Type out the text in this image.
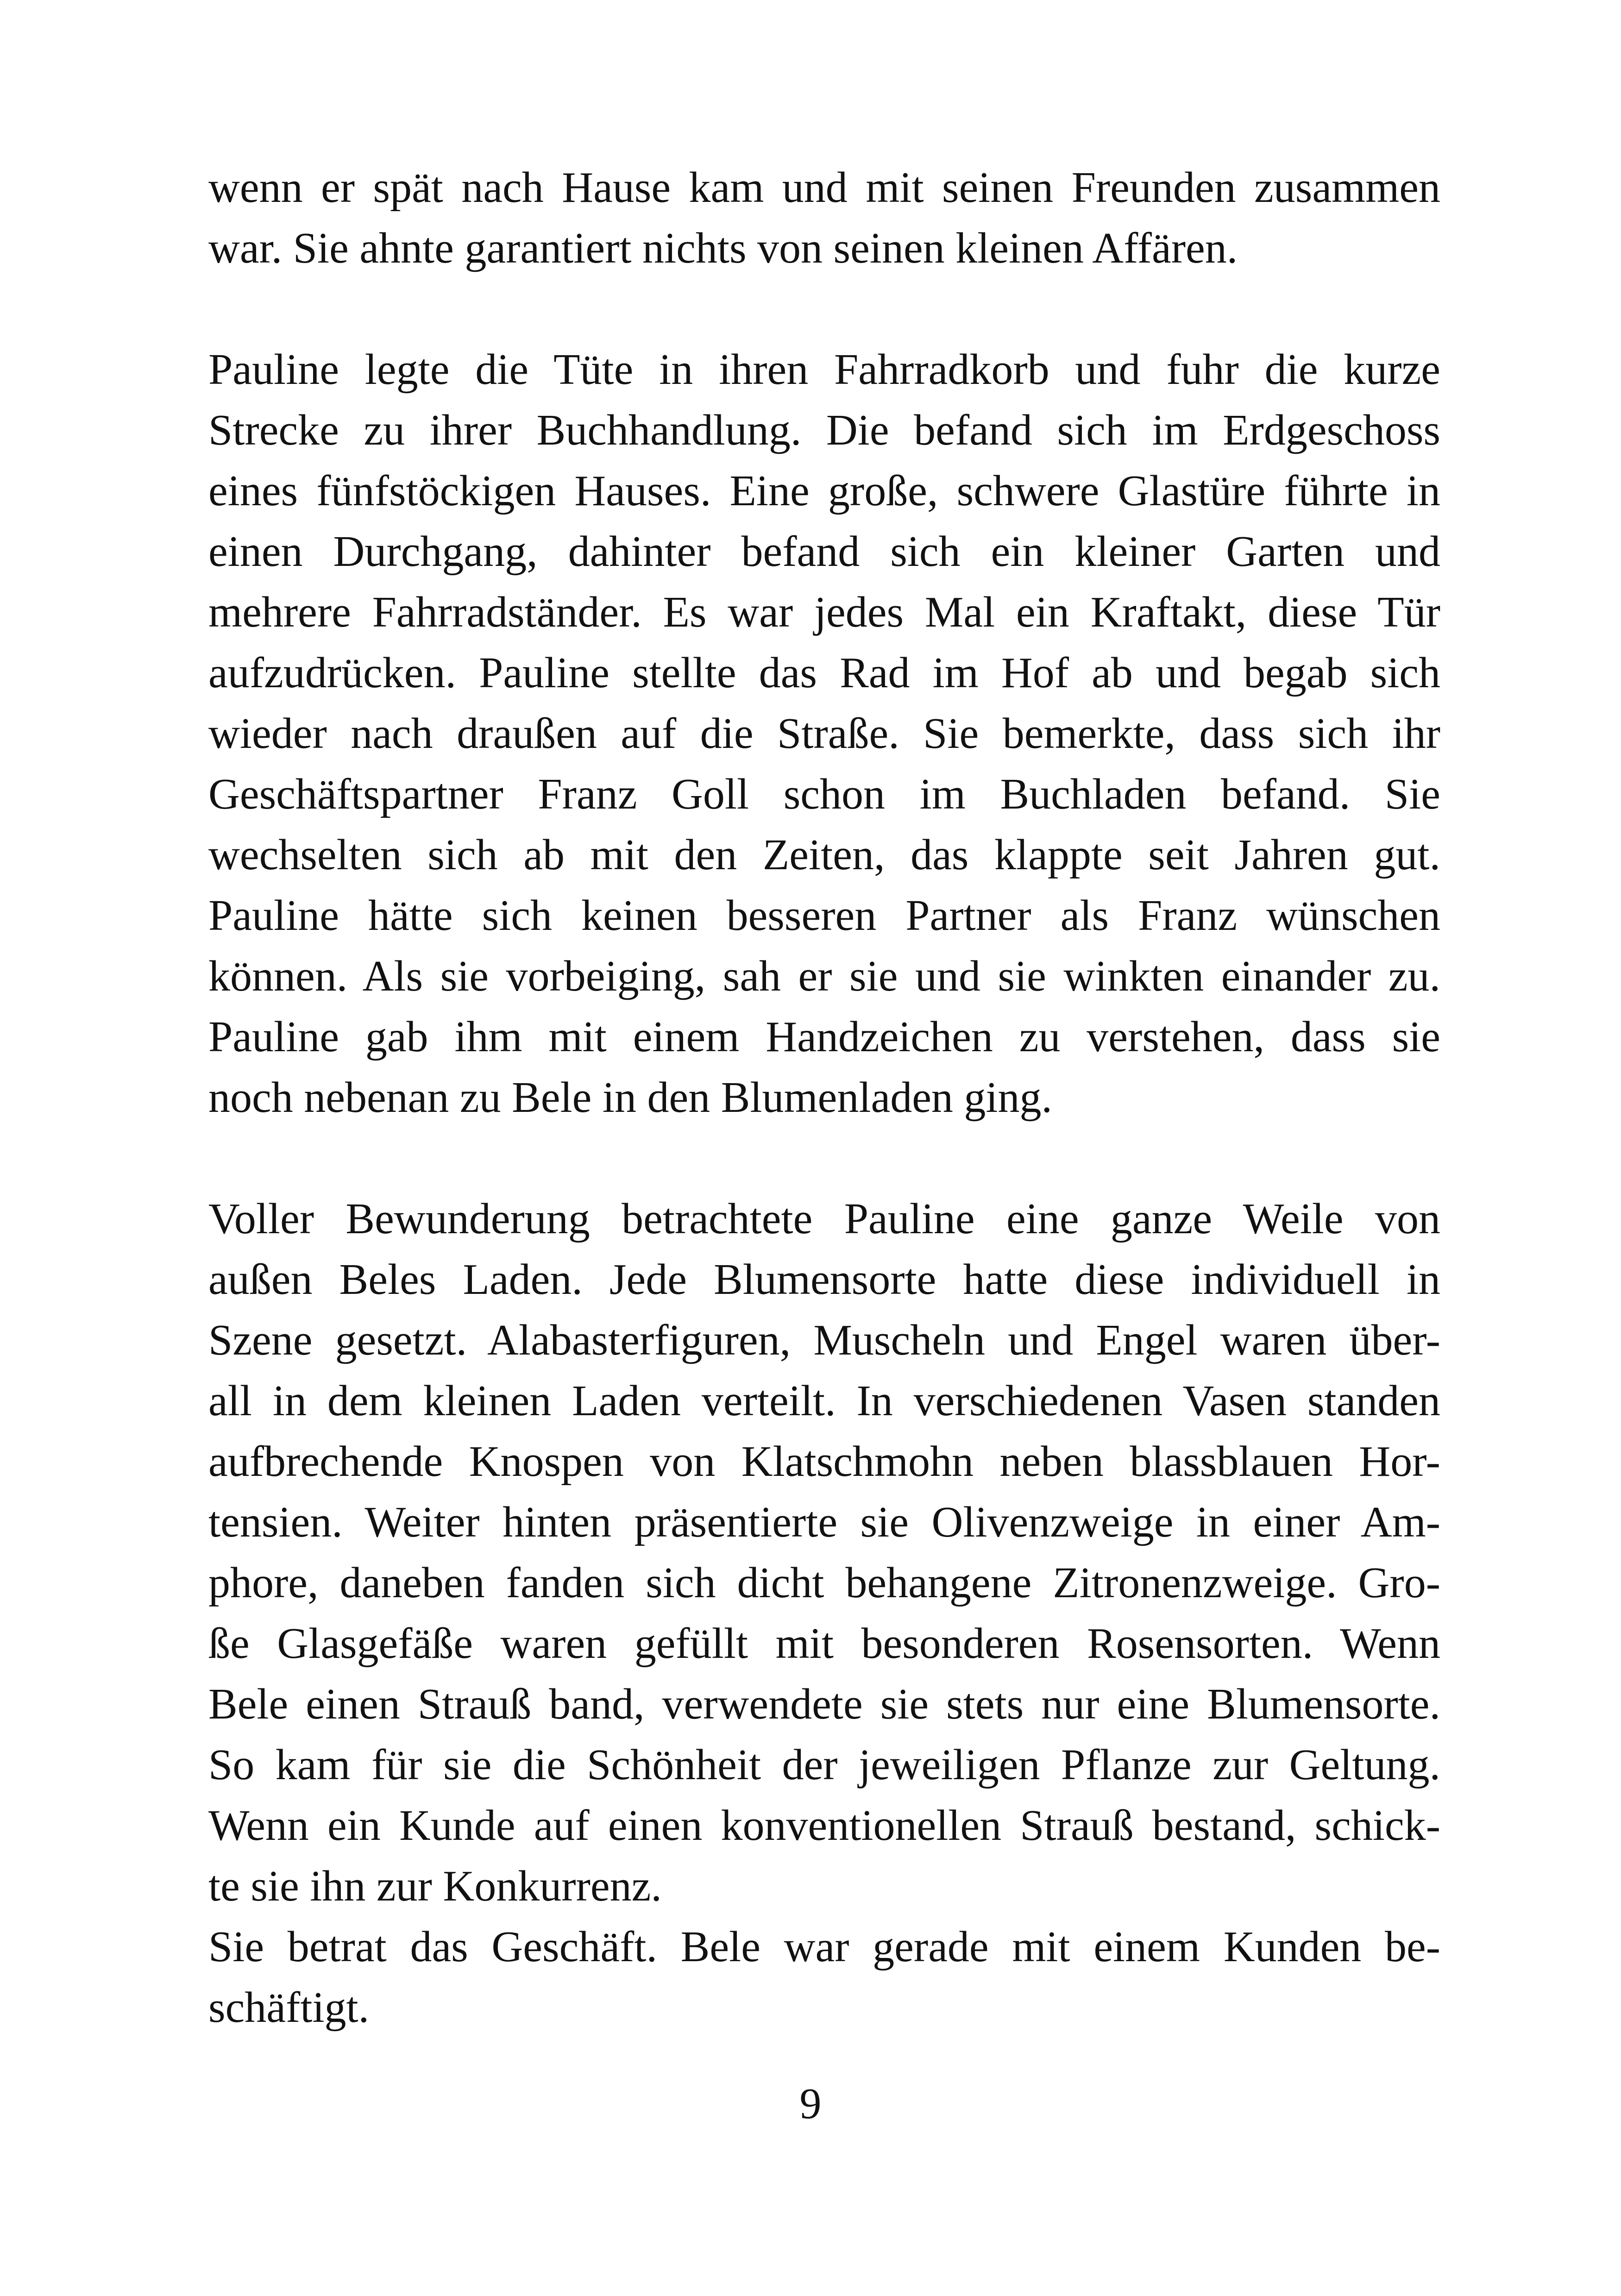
wenn er spät nach Hause kam und mit seinen Freunden zusammen
war. Sie ahnte garantiert nichts von seinen kleinen Affären.
Pauline legte die Tüte in ihren Fahrradkorb und fuhr die kurze
Strecke zu ihrer Buchhandlung. Die befand sich im Erdgeschoss
eines fünfstöckigen Hauses. Eine große, schwere Glastüre führte in
einen Durchgang, dahinter befand sich ein kleiner Garten und
mehrere Fahrradständer. Es war jedes Mal ein Kraftakt, diese Tür
aufzudrücken. Pauline stellte das Rad im Hof ab und begab sich
wieder nach draußen auf die Straße. Sie bemerkte, dass sich ihr
Geschäftspartner Franz Goll schon im Buchladen befand. Sie
wechselten sich ab mit den Zeiten, das klappte seit Jahren gut.
Pauline hätte sich keinen besseren Partner als Franz wünschen
können. Als sie vorbeiging, sah er sie und sie winkten einander zu.
Pauline gab ihm mit einem Handzeichen zu verstehen, dass sie
noch nebenan zu Bele in den Blumenladen ging.
Voller Bewunderung betrachtete Pauline eine ganze Weile von
außen Beles Laden. Jede Blumensorte hatte diese individuell in
Szene gesetzt. Alabasterfiguren, Muscheln und Engel waren über-
all in dem kleinen Laden verteilt. In verschiedenen Vasen standen
aufbrechende Knospen von Klatschmohn neben blassblauen Hor-
tensien. Weiter hinten präsentierte sie Olivenzweige in einer Am-
phore, daneben fanden sich dicht behangene Zitronenzweige. Gro-
ße Glasgefäße waren gefüllt mit besonderen Rosensorten. Wenn
Bele einen Strauß band, verwendete sie stets nur eine Blumensorte.
So kam für sie die Schönheit der jeweiligen Pflanze zur Geltung.
Wenn ein Kunde auf einen konventionellen Strauß bestand, schick-
te sie ihn zur Konkurrenz.
Sie betrat das Geschäft. Bele war gerade mit einem Kunden be-
schäftigt.
9
